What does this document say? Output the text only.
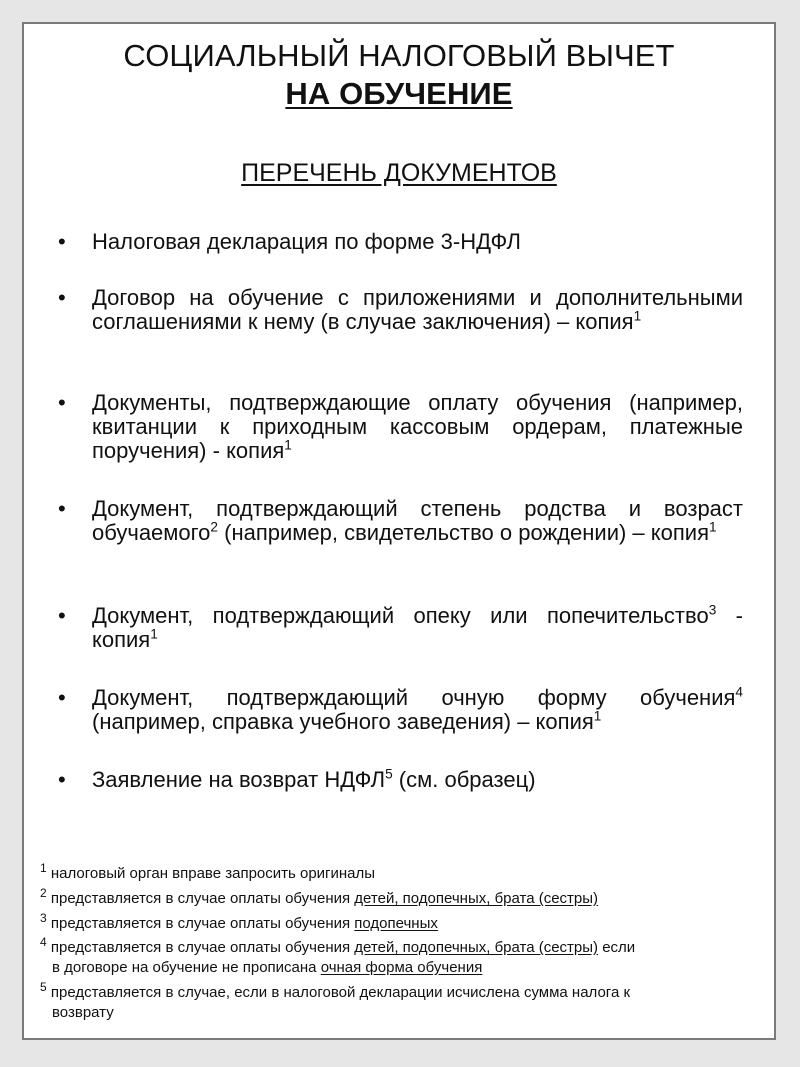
СОЦИАЛЬНЫЙ НАЛОГОВЫЙ ВЫЧЕТ
НА ОБУЧЕНИЕ
ПЕРЕЧЕНЬ ДОКУМЕНТОВ
• Налоговая декларация по форме 3-НДФЛ
• Договор на обучение с приложениями и дополнительными соглашениями к нему (в случае заключения) – копия$^1$
• Документы, подтверждающие оплату обучения (например, квитанции к приходным кассовым ордерам, платежные поручения) - копия$^1$
• Документ, подтверждающий степень родства и возраст обучаемого$^2$ (например, свидетельство о рождении) – копия$^1$
• Документ, подтверждающий опеку или попечительство$^3$ - копия$^1$
• Документ, подтверждающий очную форму обучения$^4$ (например, справка учебного заведения) – копия$^1$
• Заявление на возврат НДФЛ$^5$ (см. образец)
$^1$ налоговый орган вправе запросить оригиналы
$^2$ представляется в случае оплаты обучения детей, подопечных, брата (сестры)
$^3$ представляется в случае оплаты обучения подопечных
$^4$ представляется в случае оплаты обучения детей, подопечных, брата (сестры) если
в договоре на обучение не прописана очная форма обучения
$^5$ представляется в случае, если в налоговой декларации исчислена сумма налога к
возврату
